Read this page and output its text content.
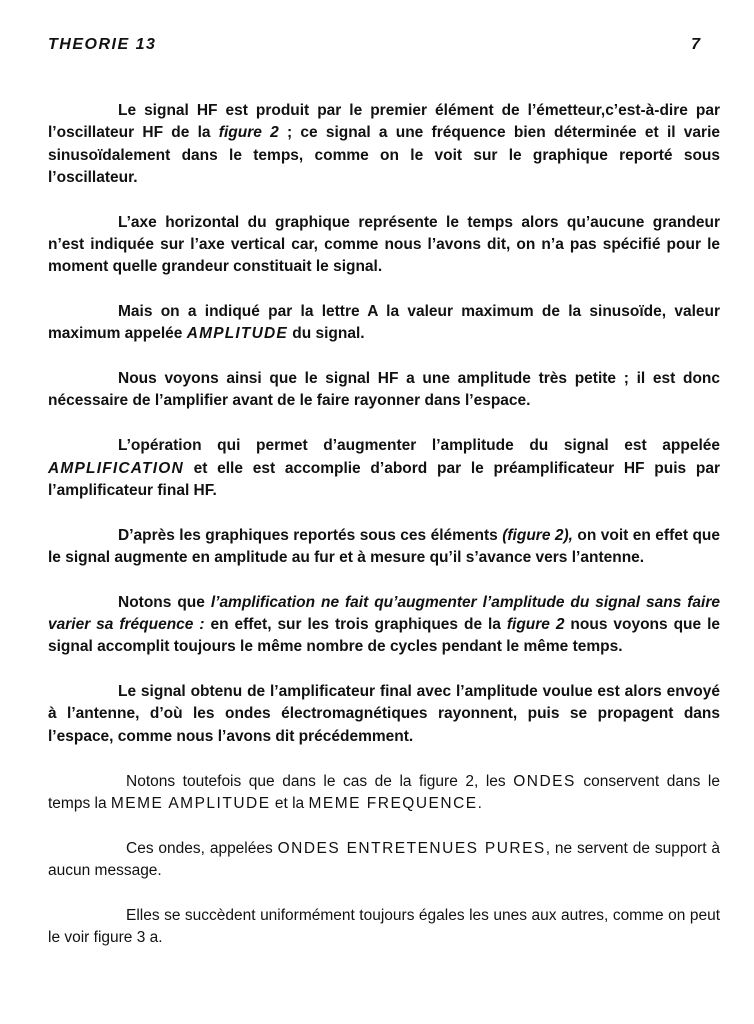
THEORIE 13	7

Le signal HF est produit par le premier élément de l’émetteur,c’est-à-dire par l’oscillateur HF de la figure 2 ; ce signal a une fréquence bien déterminée et il varie sinusoïdalement dans le temps, comme on le voit sur le graphique reporté sous l’oscillateur.

L’axe horizontal du graphique représente le temps alors qu’aucune grandeur n’est indiquée sur l’axe vertical car, comme nous l’avons dit, on n’a pas spécifié pour le moment quelle grandeur constituait le signal.

Mais on a indiqué par la lettre A la valeur maximum de la sinusoïde, valeur maximum appelée AMPLITUDE du signal.

Nous voyons ainsi que le signal HF a une amplitude très petite ; il est donc nécessaire de l’amplifier avant de le faire rayonner dans l’espace.

L’opération qui permet d’augmenter l’amplitude du signal est appelée AMPLIFICATION et elle est accomplie d’abord par le préamplificateur HF puis par l’amplificateur final HF.

D’après les graphiques reportés sous ces éléments (figure 2), on voit en effet que le signal augmente en amplitude au fur et à mesure qu’il s’avance vers l’antenne.

Notons que l’amplification ne fait qu’augmenter l’amplitude du signal sans faire varier sa fréquence : en effet, sur les trois graphiques de la figure 2 nous voyons que le signal accomplit toujours le même nombre de cycles pendant le même temps.

Le signal obtenu de l’amplificateur final avec l’amplitude voulue est alors envoyé à l’antenne, d’où les ondes électromagnétiques rayonnent, puis se propagent dans l’espace, comme nous l’avons dit précédemment.

Notons toutefois que dans le cas de la figure 2, les ONDES conservent dans le temps la MEME AMPLITUDE et la MEME FREQUENCE.

Ces ondes, appelées ONDES ENTRETENUES PURES, ne servent de support à aucun message.

Elles se succèdent uniformément toujours égales les unes aux autres, comme on peut le voir figure 3 a.
